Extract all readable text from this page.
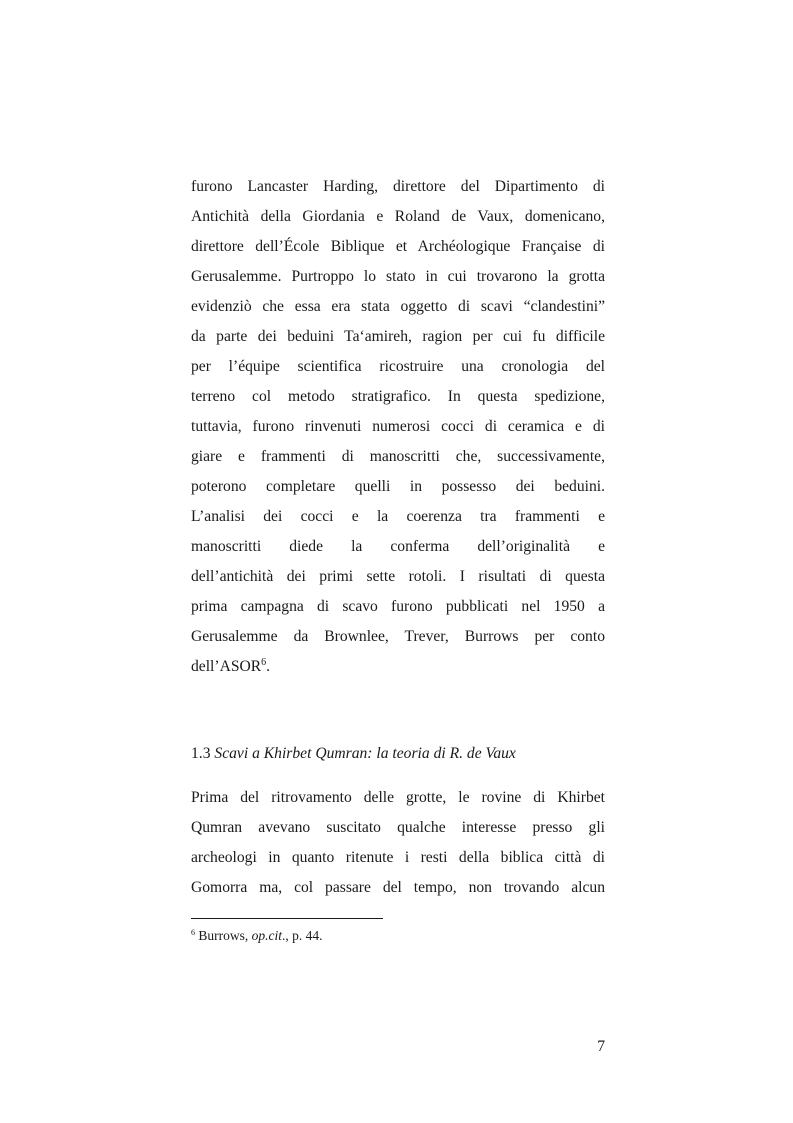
furono Lancaster Harding, direttore del Dipartimento di
Antichità della Giordania e Roland de Vaux, domenicano,
direttore dell’École Biblique et Archéologique Française di
Gerusalemme. Purtroppo lo stato in cui trovarono la grotta
evidenziò che essa era stata oggetto di scavi “clandestini”
da parte dei beduini Ta‘amireh, ragion per cui fu difficile
per l’équipe scientifica ricostruire una cronologia del
terreno col metodo stratigrafico. In questa spedizione,
tuttavia, furono rinvenuti numerosi cocci di ceramica e di
giare e frammenti di manoscritti che, successivamente,
poterono completare quelli in possesso dei beduini.
L’analisi dei cocci e la coerenza tra frammenti e
manoscritti diede la conferma dell’originalità e
dell’antichità dei primi sette rotoli. I risultati di questa
prima campagna di scavo furono pubblicati nel 1950 a
Gerusalemme da Brownlee, Trever, Burrows per conto
dell’ASOR$^6$.
1.3 Scavi a Khirbet Qumran: la teoria di R. de Vaux
Prima del ritrovamento delle grotte, le rovine di Khirbet
Qumran avevano suscitato qualche interesse presso gli
archeologi in quanto ritenute i resti della biblica città di
Gomorra ma, col passare del tempo, non trovando alcun
$^6$ Burrows, op.cit., p. 44.
7
